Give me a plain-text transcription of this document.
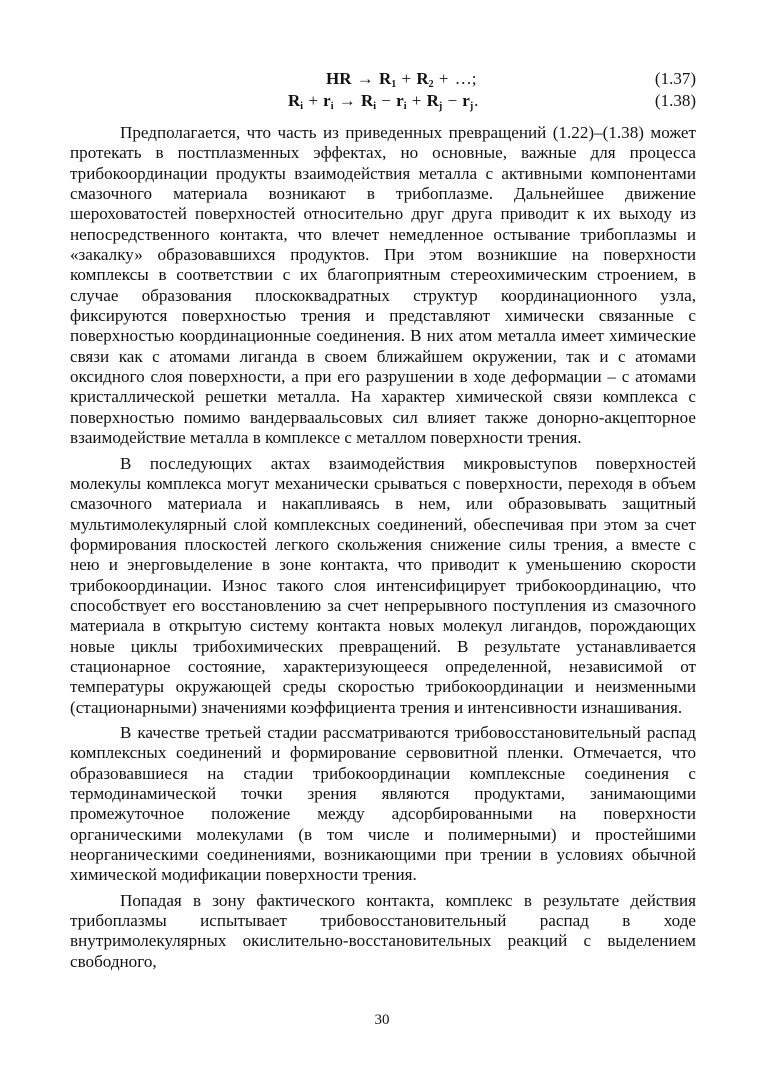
HR → $R_1 + R_2$ + …;	(1.37)
$R_i + r_i \to R_i - r_i + R_j - r_j$.	(1.38)

Предполагается, что часть из приведенных превращений (1.22)–(1.38) может протекать в постплазменных эффектах, но основные, важные для процесса трибокоординации продукты взаимодействия металла с активными компонентами смазочного материала возникают в трибоплазме. Дальнейшее движение шероховатостей поверхностей относительно друг друга приводит к их выходу из непосредственного контакта, что влечет немедленное остывание трибоплазмы и «закалку» образовавшихся продуктов. При этом возникшие на поверхности комплексы в соответствии с их благоприятным стереохимическим строением, в случае образования плоскоквадратных структур координационного узла, фиксируются поверхностью трения и представляют химически связанные с поверхностью координационные соединения. В них атом металла имеет химические связи как с атомами лиганда в своем ближайшем окружении, так и с атомами оксидного слоя поверхности, а при его разрушении в ходе деформации – с атомами кристаллической решетки металла. На характер химической связи комплекса с поверхностью помимо вандерваальсовых сил влияет также донорно-акцепторное взаимодействие металла в комплексе с металлом поверхности трения.

В последующих актах взаимодействия микровыступов поверхностей молекулы комплекса могут механически срываться с поверхности, переходя в объем смазочного материала и накапливаясь в нем, или образовывать защитный мультимолекулярный слой комплексных соединений, обеспечивая при этом за счет формирования плоскостей легкого скольжения снижение силы трения, а вместе с нею и энерговыделение в зоне контакта, что приводит к уменьшению скорости трибокоординации. Износ такого слоя интенсифицирует трибокоординацию, что способствует его восстановлению за счет непрерывного поступления из смазочного материала в открытую систему контакта новых молекул лигандов, порождающих новые циклы трибохимических превращений. В результате устанавливается стационарное состояние, характеризующееся определенной, независимой от температуры окружающей среды скоростью трибокоординации и неизменными (стационарными) значениями коэффициента трения и интенсивности изнашивания.

В качестве третьей стадии рассматриваются трибовосстановительный распад комплексных соединений и формирование сервовитной пленки. Отмечается, что образовавшиеся на стадии трибокоординации комплексные соединения с термодинамической точки зрения являются продуктами, занимающими промежуточное положение между адсорбированными на поверхности органическими молекулами (в том числе и полимерными) и простейшими неорганическими соединениями, возникающими при трении в условиях обычной химической модификации поверхности трения.

Попадая в зону фактического контакта, комплекс в результате действия трибоплазмы испытывает трибовосстановительный распад в ходе внутримолекулярных окислительно-восстановительных реакций с выделением свободного,

30
